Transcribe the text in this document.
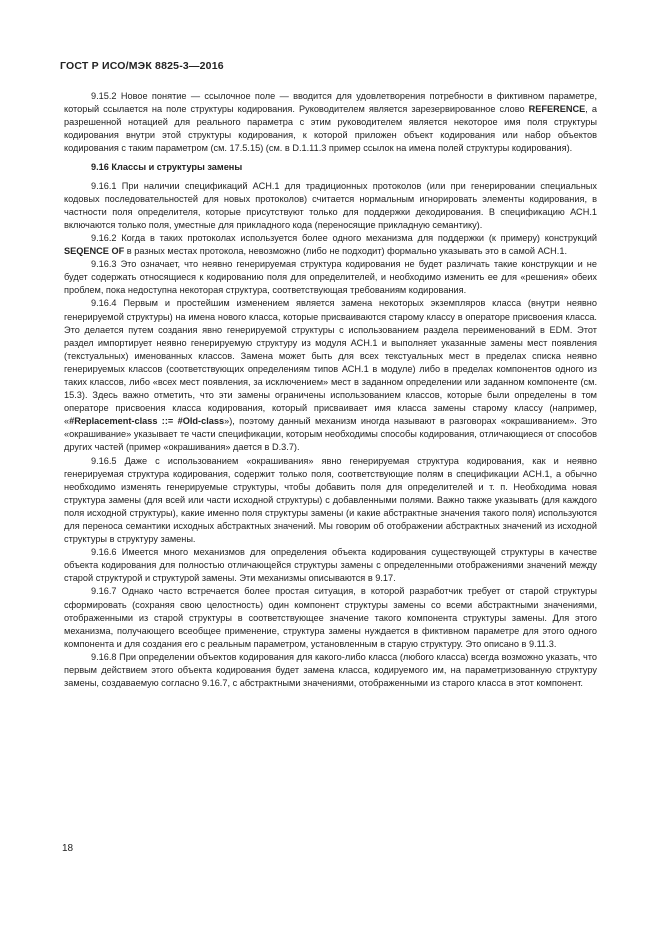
ГОСТ Р ИСО/МЭК 8825-3—2016

9.15.2 Новое понятие — ссылочное поле — вводится для удовлетворения потребности в фиктивном параметре, который ссылается на поле структуры кодирования. Руководителем является зарезервированное слово REFERENCE, а разрешенной нотацией для реального параметра с этим руководителем является некоторое имя поля структуры кодирования внутри этой структуры кодирования, к которой приложен объект кодирования или набор объектов кодирования с таким параметром (см. 17.5.15) (см. в D.1.11.3 пример ссылок на имена полей структуры кодирования).

9.16 Классы и структуры замены

9.16.1 При наличии спецификаций АСН.1 для традиционных протоколов (или при генерировании специальных кодовых последовательностей для новых протоколов) считается нормальным игнорировать элементы кодирования, в частности поля определителя, которые присутствуют только для поддержки декодирования. В спецификацию АСН.1 включаются только поля, уместные для прикладного кода (переносящие прикладную семантику).

9.16.2 Когда в таких протоколах используется более одного механизма для поддержки (к примеру) конструкций SEQENCE OF в разных местах протокола, невозможно (либо не подходит) формально указывать это в самой АСН.1.

9.16.3 Это означает, что неявно генерируемая структура кодирования не будет различать такие конструкции и не будет содержать относящиеся к кодированию поля для определителей, и необходимо изменить ее для «решения» обеих проблем, пока недоступна некоторая структура, соответствующая требованиям кодирования.

9.16.4 Первым и простейшим изменением является замена некоторых экземпляров класса (внутри неявно генерируемой структуры) на имена нового класса, которые присваиваются старому классу в операторе присвоения класса. Это делается путем создания явно генерируемой структуры с использованием раздела переименований в EDM. Этот раздел импортирует неявно генерируемую структуру из модуля АСН.1 и выполняет указанные замены мест появления (текстуальных) именованных классов. Замена может быть для всех текстуальных мест в пределах списка неявно генерируемых классов (соответствующих определениям типов АСН.1 в модуле) либо в пределах компонентов одного из таких классов, либо «всех мест появления, за исключением» мест в заданном определении или заданном компоненте (см. 15.3). Здесь важно отметить, что эти замены ограничены использованием классов, которые были определены в том операторе присвоения класса кодирования, который присваивает имя класса замены старому классу (например, «#Replacement-class ::= #Old-class»), поэтому данный механизм иногда называют в разговорах «окрашиванием». Это «окрашивание» указывает те части спецификации, которым необходимы способы кодирования, отличающиеся от способов других частей (пример «окрашивания» дается в D.3.7).

9.16.5 Даже с использованием «окрашивания» явно генерируемая структура кодирования, как и неявно генерируемая структура кодирования, содержит только поля, соответствующие полям в спецификации АСН.1, а обычно необходимо изменять генерируемые структуры, чтобы добавить поля для определителей и т. п. Необходима новая структура замены (для всей или части исходной структуры) с добавленными полями. Важно также указывать (для каждого поля исходной структуры), какие именно поля структуры замены (и какие абстрактные значения такого поля) используются для переноса семантики исходных абстрактных значений. Мы говорим об отображении абстрактных значений из исходной структуры в структуру замены.

9.16.6 Имеется много механизмов для определения объекта кодирования существующей структуры в качестве объекта кодирования для полностью отличающейся структуры замены с определенными отображениями значений между старой структурой и структурой замены. Эти механизмы описываются в 9.17.

9.16.7 Однако часто встречается более простая ситуация, в которой разработчик требует от старой структуры сформировать (сохраняя свою целостность) один компонент структуры замены со всеми абстрактными значениями, отображенными из старой структуры в соответствующее значение такого компонента структуры замены. Для этого механизма, получающего всеобщее применение, структура замены нуждается в фиктивном параметре для этого одного компонента и для создания его с реальным параметром, установленным в старую структуру. Это описано в 9.11.3.

9.16.8 При определении объектов кодирования для какого-либо класса (любого класса) всегда возможно указать, что первым действием этого объекта кодирования будет замена класса, кодируемого им, на параметризованную структуру замены, создаваемую согласно 9.16.7, с абстрактными значениями, отображенными из старого класса в этот компонент.

18
